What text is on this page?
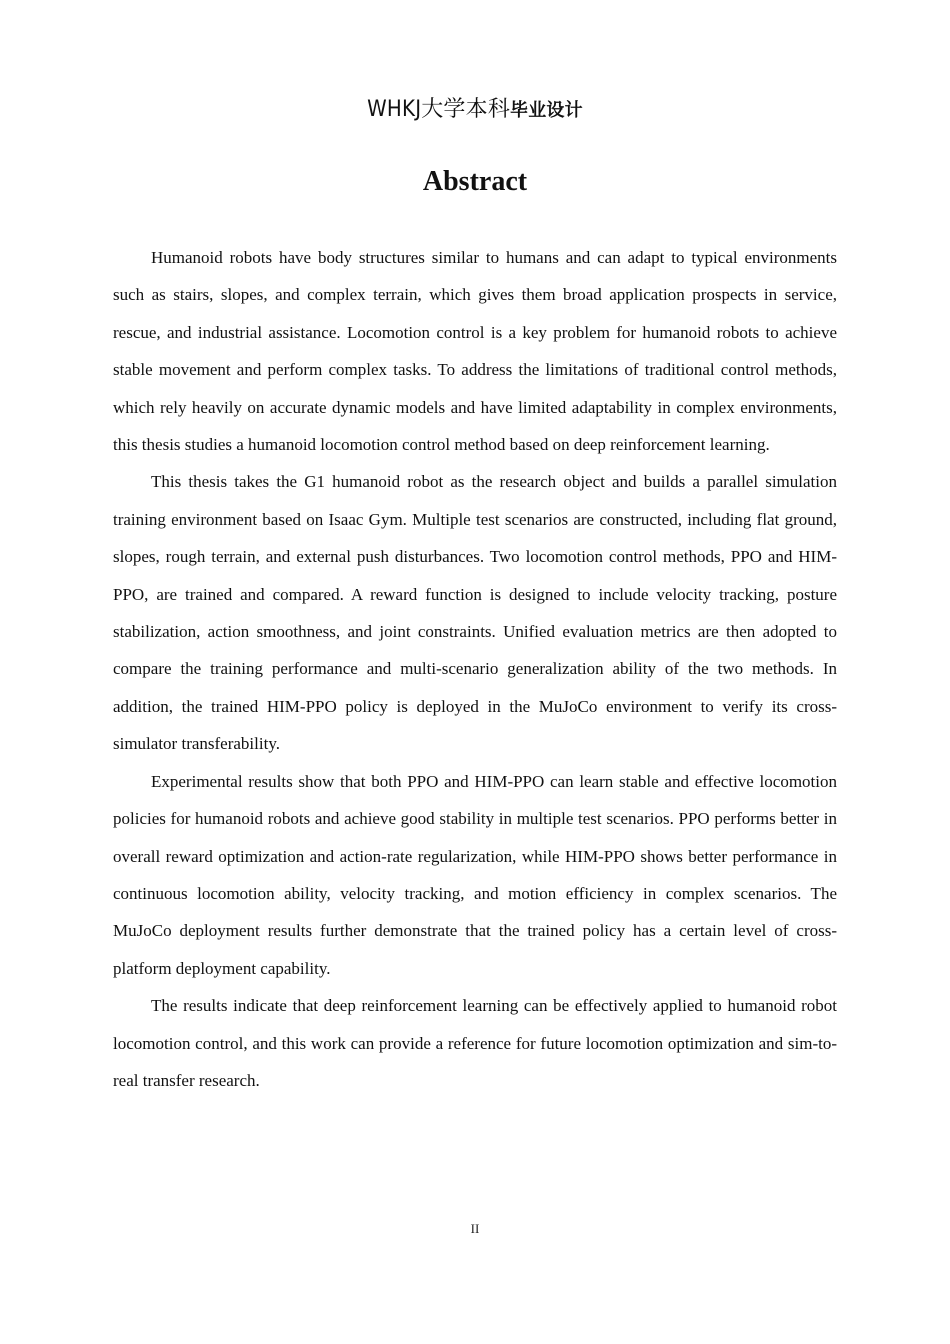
WHKJ大学本科毕业设计
Abstract

Humanoid robots have body structures similar to humans and can adapt to typical environments such as stairs, slopes, and complex terrain, which gives them broad application prospects in service, rescue, and industrial assistance. Locomotion control is a key problem for humanoid robots to achieve stable movement and perform complex tasks. To address the limitations of traditional control methods, which rely heavily on accurate dynamic models and have limited adaptability in complex environments, this thesis studies a humanoid locomotion control method based on deep reinforcement learning.

This thesis takes the G1 humanoid robot as the research object and builds a parallel simulation training environment based on Isaac Gym. Multiple test scenarios are constructed, including flat ground, slopes, rough terrain, and external push disturbances. Two locomotion control methods, PPO and HIM-PPO, are trained and compared. A reward function is designed to include velocity tracking, posture stabilization, action smoothness, and joint constraints. Unified evaluation metrics are then adopted to compare the training performance and multi-scenario generalization ability of the two methods. In addition, the trained HIM-PPO policy is deployed in the MuJoCo environment to verify its cross-simulator transferability.

Experimental results show that both PPO and HIM-PPO can learn stable and effective locomotion policies for humanoid robots and achieve good stability in multiple test scenarios. PPO performs better in overall reward optimization and action-rate regularization, while HIM-PPO shows better performance in continuous locomotion ability, velocity tracking, and motion efficiency in complex scenarios. The MuJoCo deployment results further demonstrate that the trained policy has a certain level of cross-platform deployment capability.

The results indicate that deep reinforcement learning can be effectively applied to humanoid robot locomotion control, and this work can provide a reference for future locomotion optimization and sim-to-real transfer research.

II
